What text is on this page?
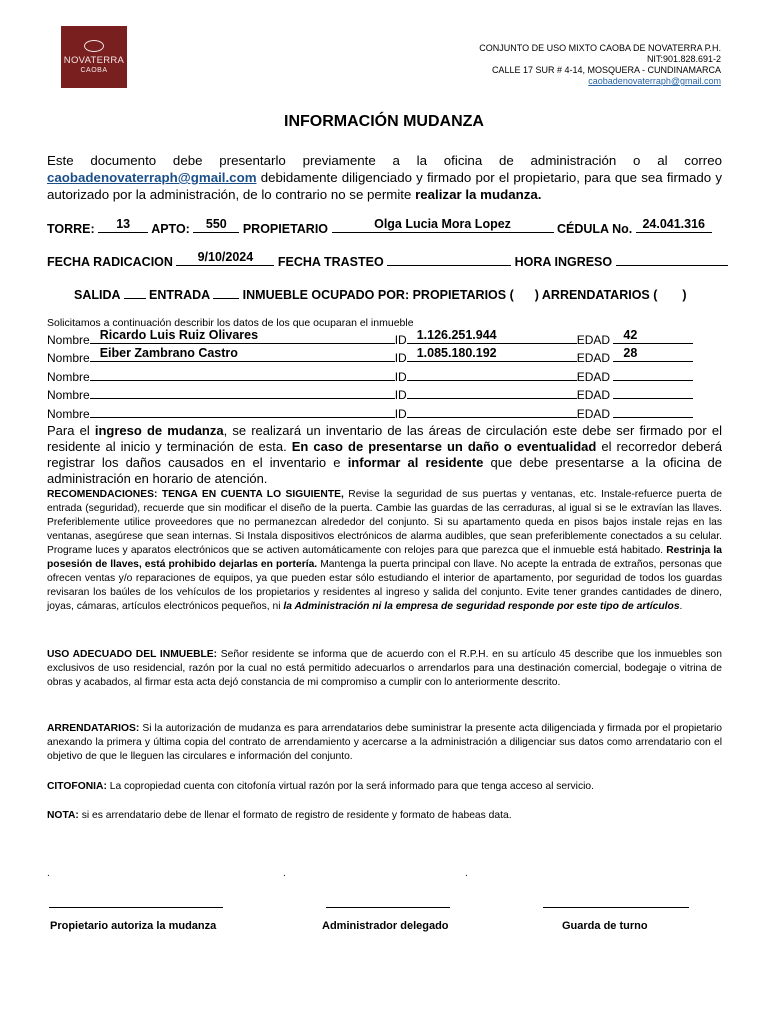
NOVATERRA
CAOBA
CONJUNTO DE USO MIXTO CAOBA DE NOVATERRA P.H.
NIT:901.828.691-2
CALLE 17 SUR # 4-14, MOSQUERA - CUNDINAMARCA
caobadenovaterraph@gmail.com
INFORMACIÓN MUDANZA
Este documento debe presentarlo previamente a la oficina de administración o al correo caobadenovaterraph@gmail.com debidamente diligenciado y firmado por el propietario, para que sea firmado y autorizado por la administración, de lo contrario no se permite realizar la mudanza.
TORRE:	13	APTO:	550	PROPIETARIO	Olga Lucia Mora Lopez	CÉDULA No. 24.041.316
FECHA RADICACION	9/10/2024	FECHA TRASTEO	HORA INGRESO
SALIDA ENTRADA	INMUEBLE OCUPADO POR: PROPIETARIOS ( ) ARRENDATARIOS ( )
Solicitamos a continuación describir los datos de los que ocuparan el inmueble
Nombre Ricardo Luis Ruiz Olivares	ID 1.126.251.944	EDAD	42
Nombre Eiber Zambrano Castro	ID 1.085.180.192	EDAD	28
Nombre	ID	EDAD
Nombre	ID	EDAD
Nombre	ID	EDAD
Para el ingreso de mudanza, se realizará un inventario de las áreas de circulación este debe ser firmado por el residente al inicio y terminación de esta. En caso de presentarse un daño o eventualidad el recorredor deberá registrar los daños causados en el inventario e informar al residente que debe presentarse a la oficina de administración en horario de atención.
RECOMENDACIONES: TENGA EN CUENTA LO SIGUIENTE, Revise la seguridad de sus puertas y ventanas, etc. Instale-refuerce puerta de entrada (seguridad), recuerde que sin modificar el diseño de la puerta. Cambie las guardas de las cerraduras, al igual si se le extravían las llaves. Preferiblemente utilice proveedores que no permanezcan alrededor del conjunto. Si su apartamento queda en pisos bajos instale rejas en las ventanas, asegúrese que sean internas. Si Instala dispositivos electrónicos de alarma audibles, que sean preferiblemente conectados a su celular. Programe luces y aparatos electrónicos que se activen automáticamente con relojes para que parezca que el inmueble está habitado. Restrinja la posesión de llaves, está prohibido dejarlas en portería. Mantenga la puerta principal con llave. No acepte la entrada de extraños, personas que ofrecen ventas y/o reparaciones de equipos, ya que pueden estar sólo estudiando el interior de apartamento, por seguridad de todos los guardas revisaran los baúles de los vehículos de los propietarios y residentes al ingreso y salida del conjunto. Evite tener grandes cantidades de dinero, joyas, cámaras, artículos electrónicos pequeños, ni la Administración ni la empresa de seguridad responde por este tipo de artículos.
USO ADECUADO DEL INMUEBLE: Señor residente se informa que de acuerdo con el R.P.H. en su artículo 45 describe que los inmuebles son exclusivos de uso residencial, razón por la cual no está permitido adecuarlos o arrendarlos para una destinación comercial, bodegaje o vitrina de obras y acabados, al firmar esta acta dejó constancia de mi compromiso a cumplir con lo anteriormente descrito.
ARRENDATARIOS: Si la autorización de mudanza es para arrendatarios debe suministrar la presente acta diligenciada y firmada por el propietario anexando la primera y última copia del contrato de arrendamiento y acercarse a la administración a diligenciar sus datos como arrendatario con el objetivo de que le lleguen las circulares e información del conjunto.
CITOFONIA: La copropiedad cuenta con citofonía virtual razón por la será informado para que tenga acceso al servicio.
NOTA: si es arrendatario debe de llenar el formato de registro de residente y formato de habeas data.
.	.	.
Propietario autoriza la mudanza	Administrador delegado	Guarda de turno
